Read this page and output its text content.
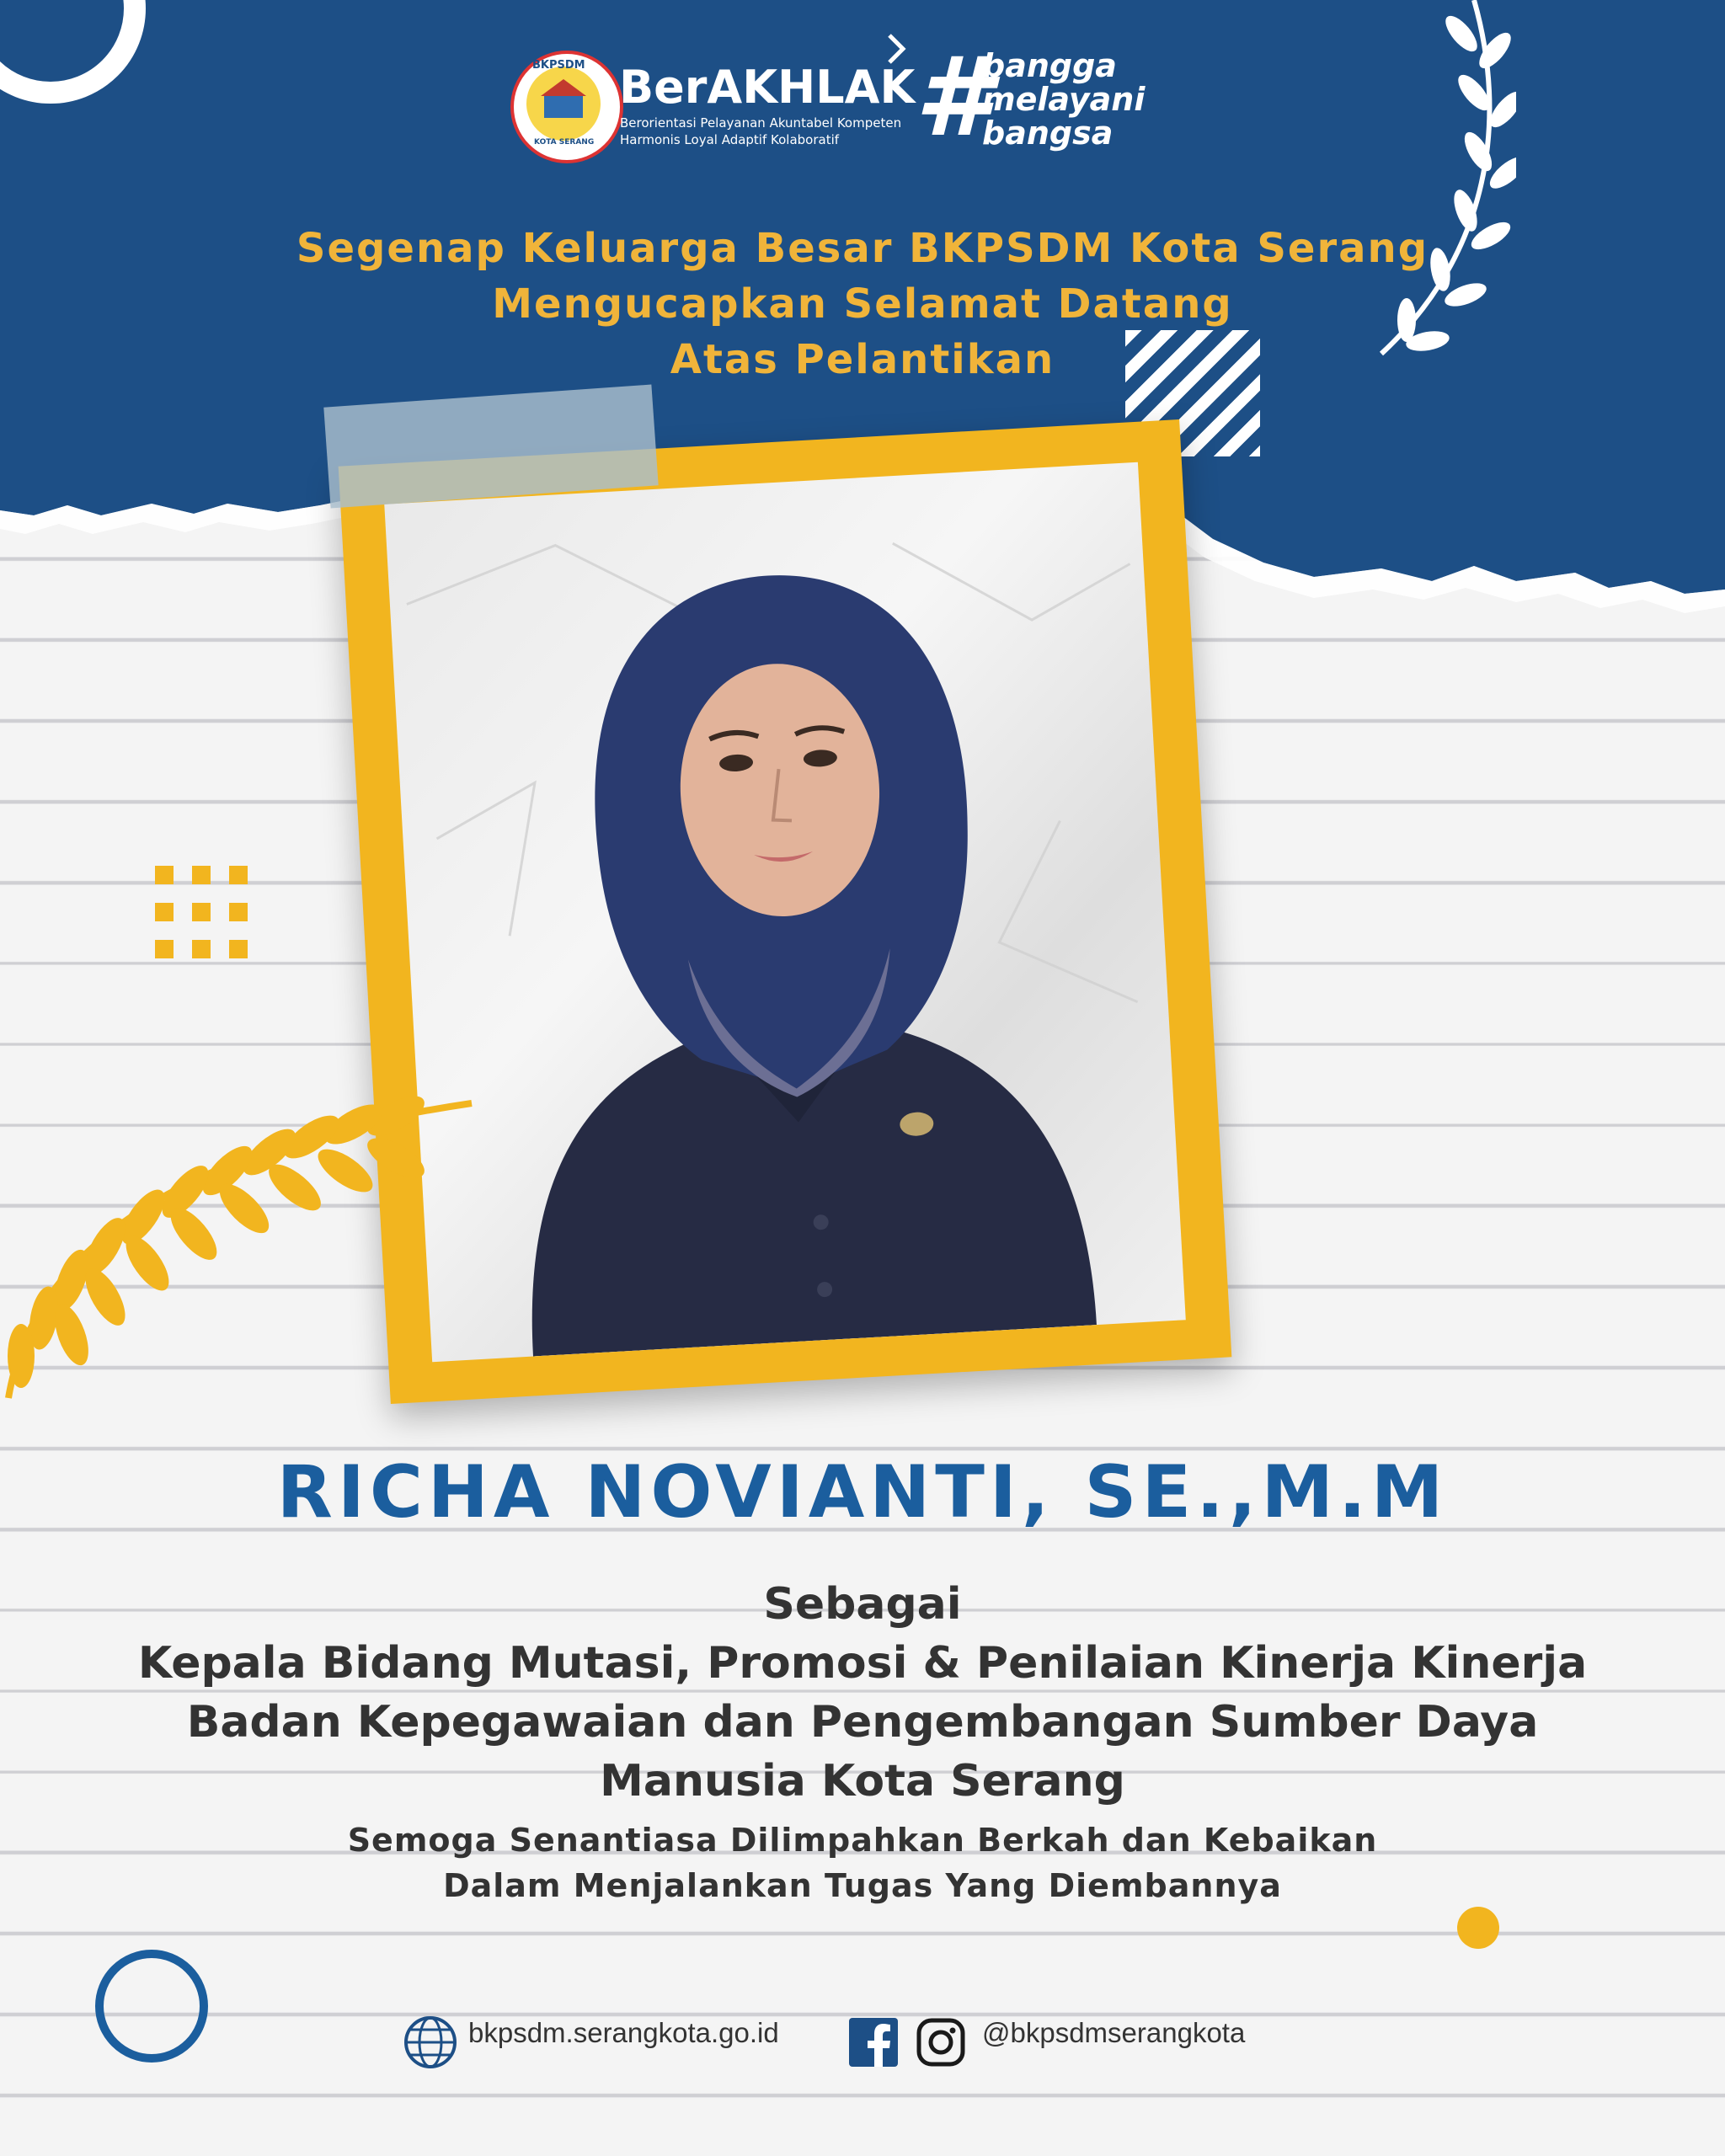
BKPSDM
KOTA SERANG
BerAKHLAK
Berorientasi Pelayanan Akuntabel Kompeten
Harmonis Loyal Adaptif Kolaboratif #
bangga
melayani
bangsa
Segenap Keluarga Besar BKPSDM Kota Serang
Mengucapkan Selamat Datang
Atas Pelantikan
RICHA NOVIANTI, SE.,M.M
Sebagai
Kepala Bidang Mutasi, Promosi & Penilaian Kinerja Kinerja
Badan Kepegawaian dan Pengembangan Sumber Daya
Manusia Kota Serang
Semoga Senantiasa Dilimpahkan Berkah dan Kebaikan
Dalam Menjalankan Tugas Yang Diembannya
bkpsdm.serangkota.go.id	@bkpsdmserangkota
